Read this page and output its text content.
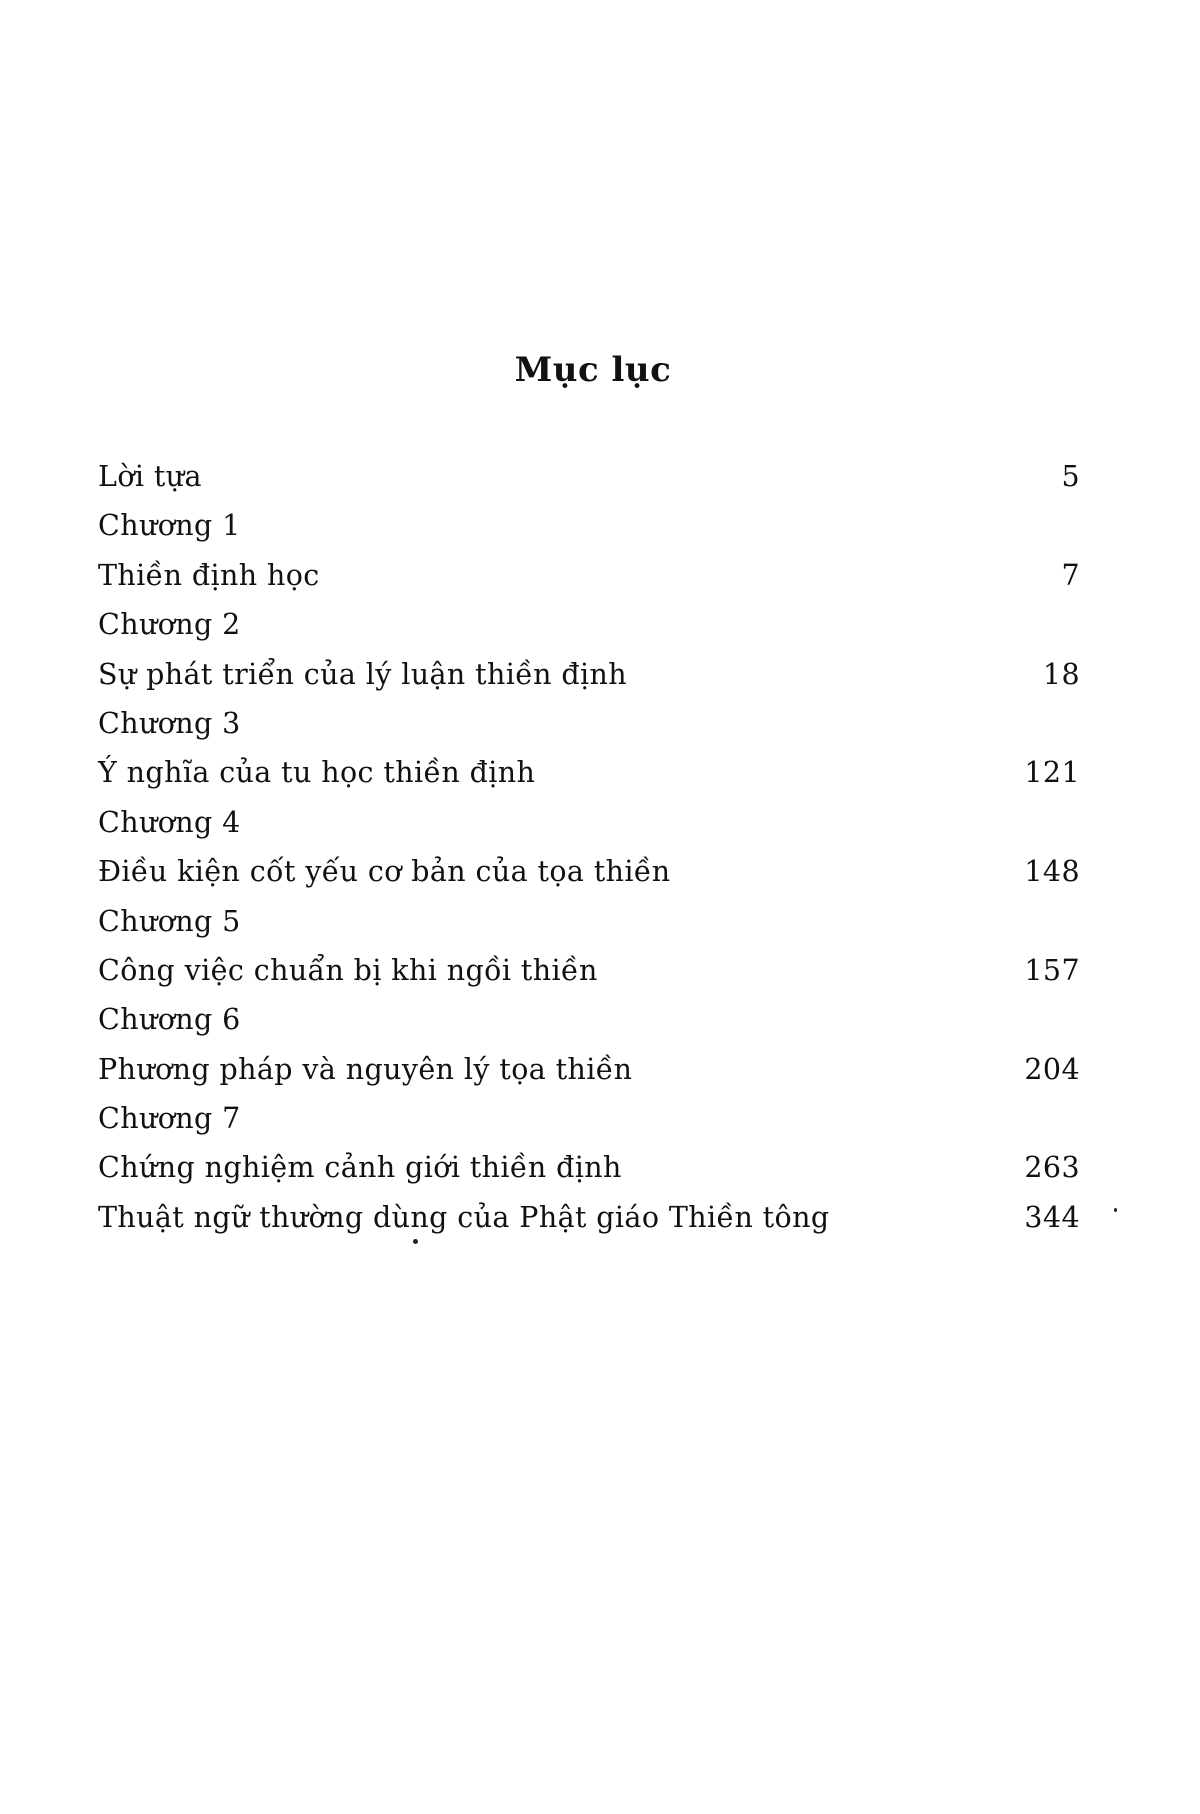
Mục lục
Lời tựa	5
Chương 1
Thiền định học	7
Chương 2
Sự phát triển của lý luận thiền định	18
Chương 3
Ý nghĩa của tu học thiền định	121
Chương 4
Điều kiện cốt yếu cơ bản của tọa thiền	148
Chương 5
Công việc chuẩn bị khi ngồi thiền	157
Chương 6
Phương pháp và nguyên lý tọa thiền	204
Chương 7
Chứng nghiệm cảnh giới thiền định	263
Thuật ngữ thường dùng của Phật giáo Thiền tông	344
